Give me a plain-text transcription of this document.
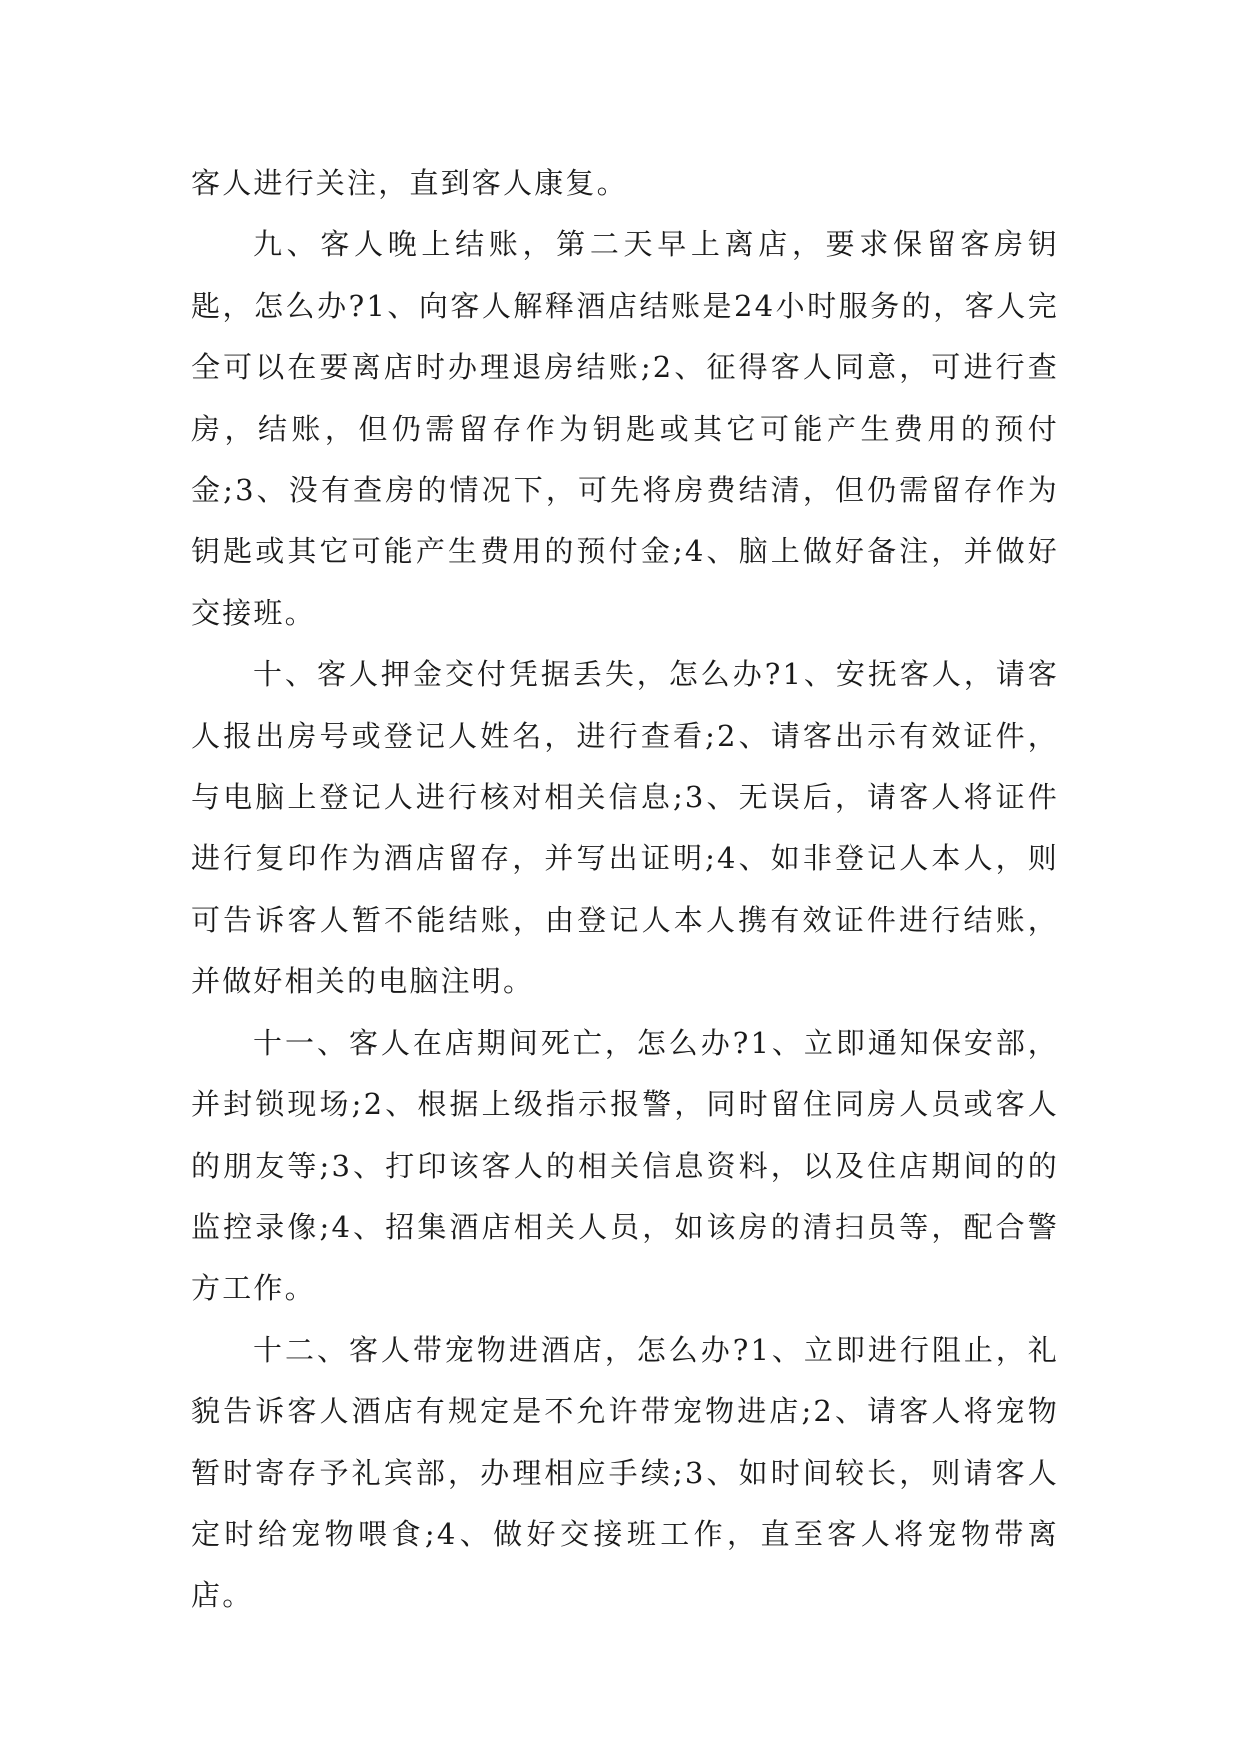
客人进行关注，直到客人康复。

九、客人晚上结账，第二天早上离店，要求保留客房钥匙，怎么办?1、向客人解释酒店结账是24小时服务的，客人完全可以在要离店时办理退房结账;2、征得客人同意，可进行查房，结账，但仍需留存作为钥匙或其它可能产生费用的预付金;3、没有查房的情况下，可先将房费结清，但仍需留存作为钥匙或其它可能产生费用的预付金;4、脑上做好备注，并做好交接班。

十、客人押金交付凭据丢失，怎么办?1、安抚客人，请客人报出房号或登记人姓名，进行查看;2、请客出示有效证件，与电脑上登记人进行核对相关信息;3、无误后，请客人将证件进行复印作为酒店留存，并写出证明;4、如非登记人本人，则可告诉客人暂不能结账，由登记人本人携有效证件进行结账，并做好相关的电脑注明。

十一、客人在店期间死亡，怎么办?1、立即通知保安部，并封锁现场;2、根据上级指示报警，同时留住同房人员或客人的朋友等;3、打印该客人的相关信息资料，以及住店期间的的监控录像;4、招集酒店相关人员，如该房的清扫员等，配合警方工作。

十二、客人带宠物进酒店，怎么办?1、立即进行阻止，礼貌告诉客人酒店有规定是不允许带宠物进店;2、请客人将宠物暂时寄存予礼宾部，办理相应手续;3、如时间较长，则请客人定时给宠物喂食;4、做好交接班工作，直至客人将宠物带离店。
